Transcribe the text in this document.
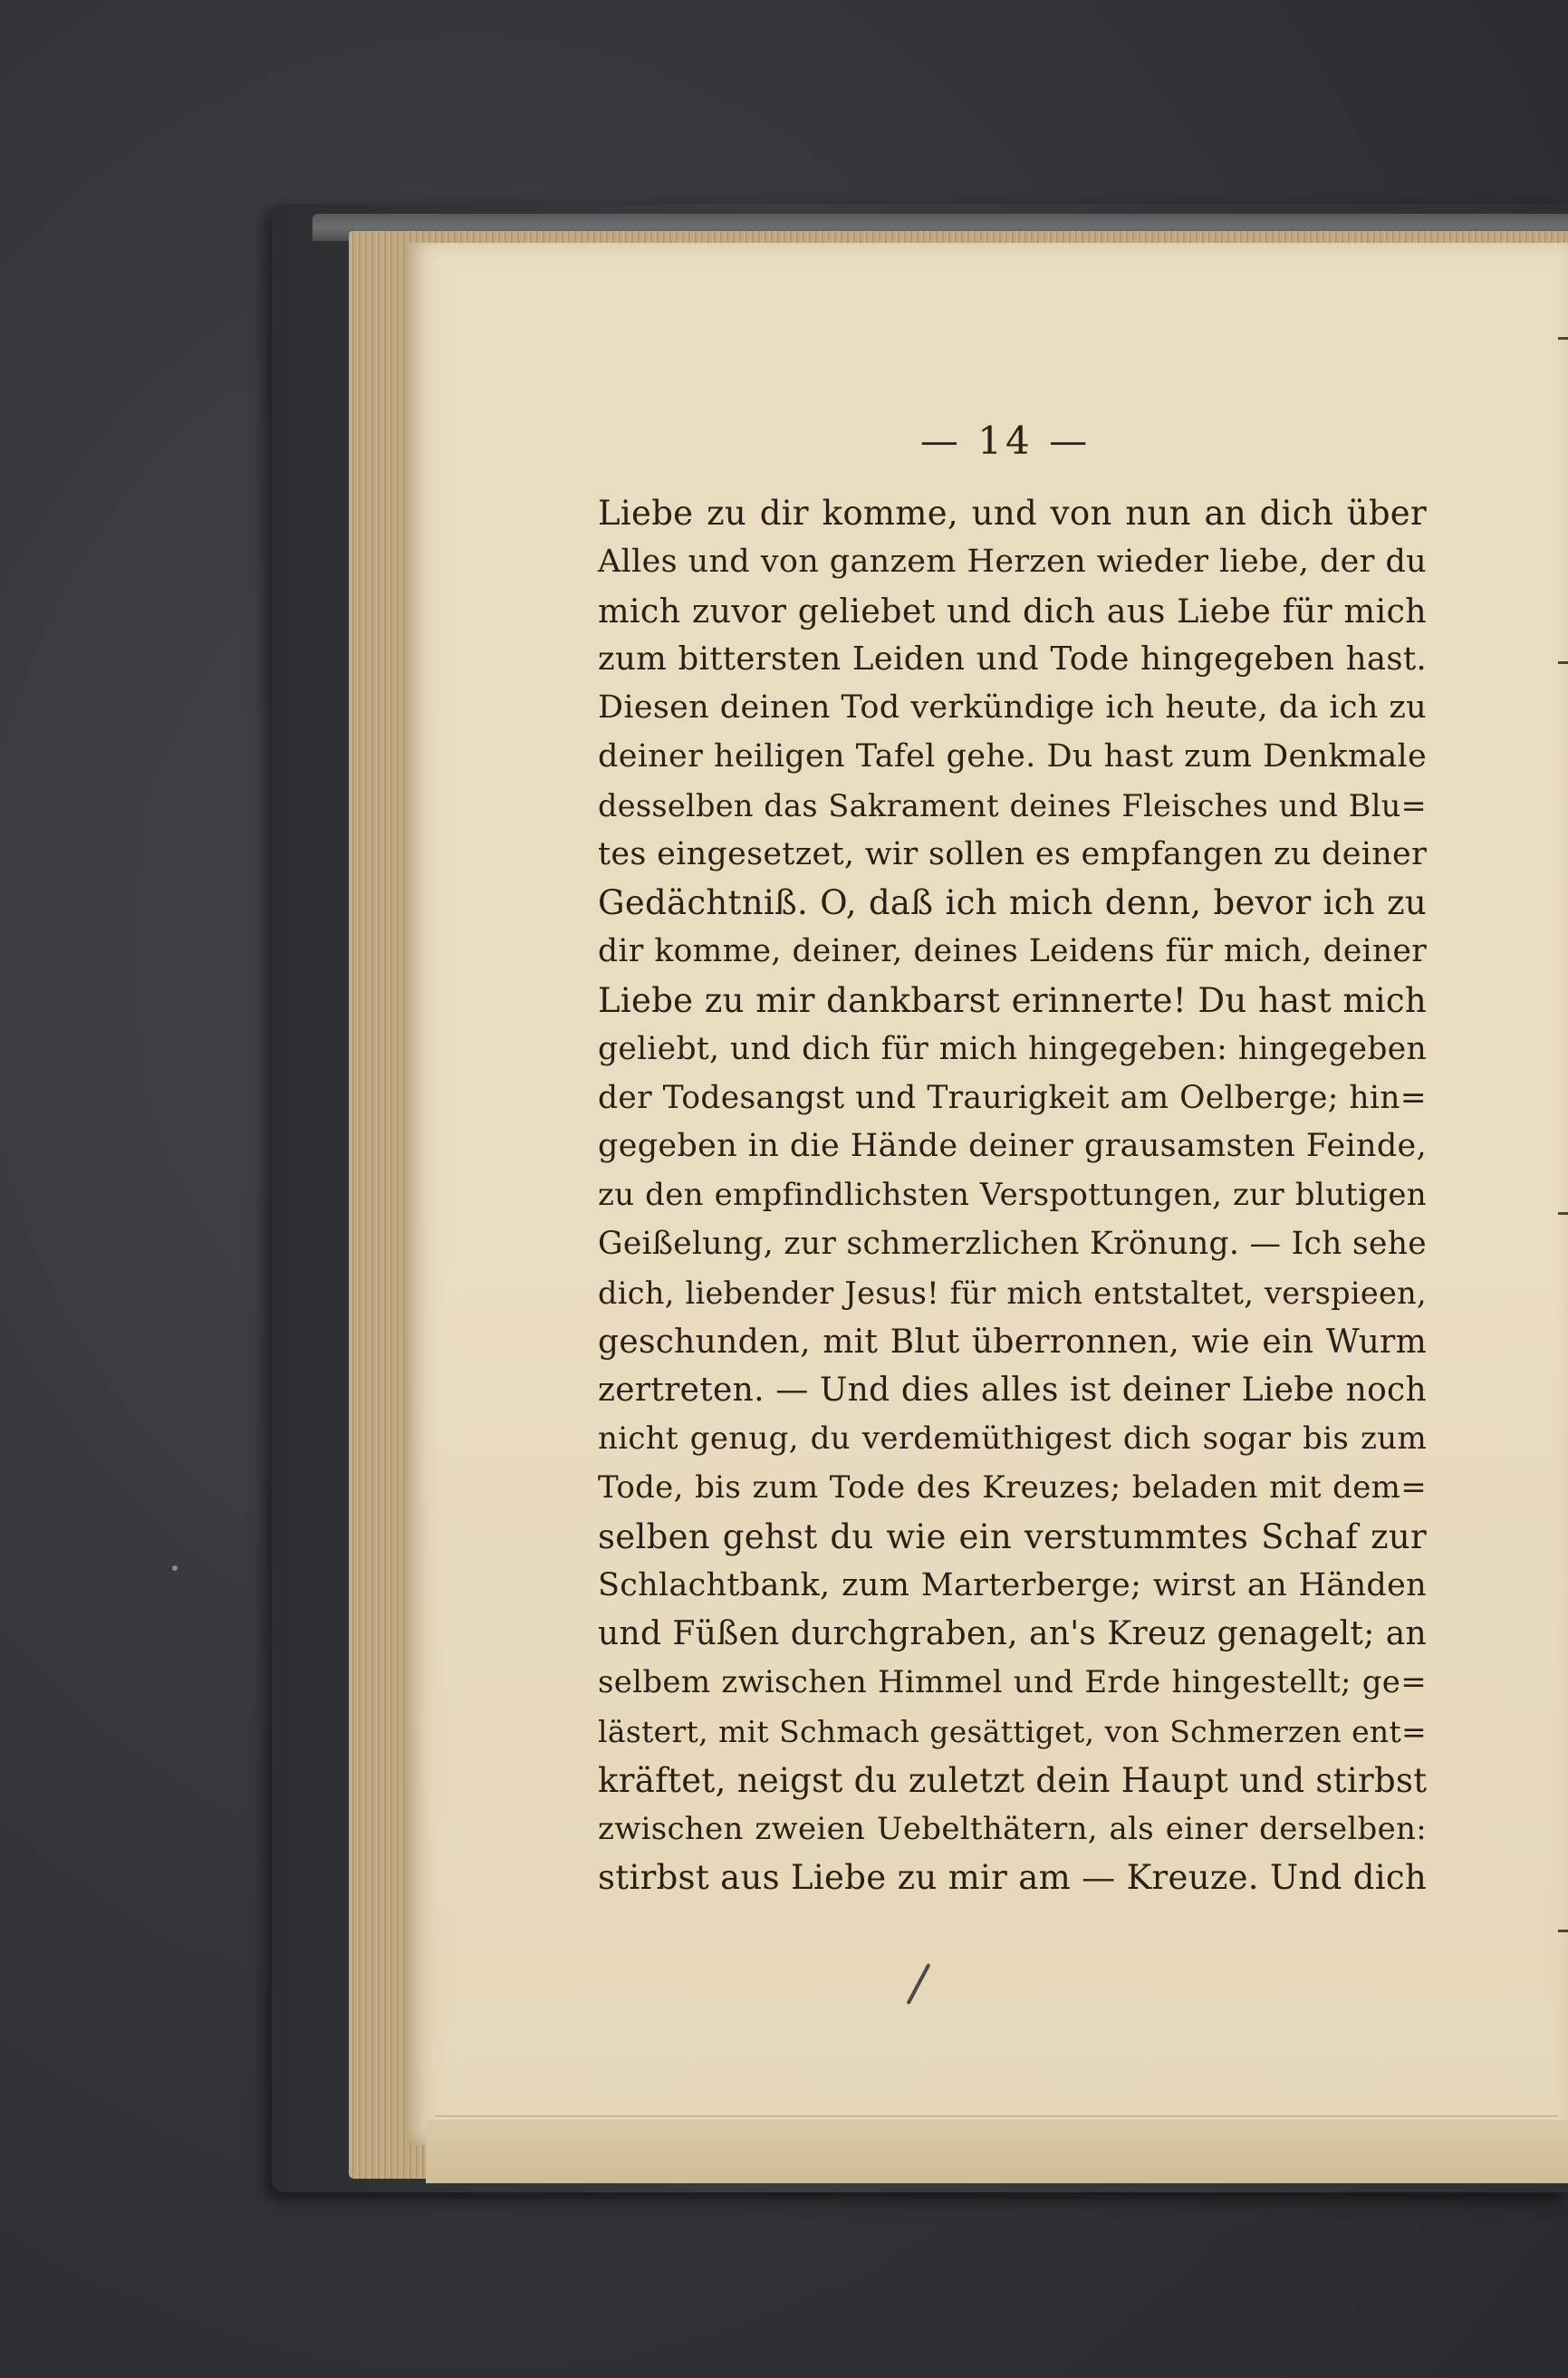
— 14 —
Liebe zu dir komme, und von nun an dich über
Alles und von ganzem Herzen wieder liebe, der du
mich zuvor geliebet und dich aus Liebe für mich
zum bittersten Leiden und Tode hingegeben hast.
Diesen deinen Tod verkündige ich heute, da ich zu
deiner heiligen Tafel gehe. Du hast zum Denkmale
desselben das Sakrament deines Fleisches und Blu=
tes eingesetzet, wir sollen es empfangen zu deiner
Gedächtniß. O, daß ich mich denn, bevor ich zu
dir komme, deiner, deines Leidens für mich, deiner
Liebe zu mir dankbarst erinnerte! Du hast mich
geliebt, und dich für mich hingegeben: hingegeben
der Todesangst und Traurigkeit am Oelberge; hin=
gegeben in die Hände deiner grausamsten Feinde,
zu den empfindlichsten Verspottungen, zur blutigen
Geißelung, zur schmerzlichen Krönung. — Ich sehe
dich, liebender Jesus! für mich entstaltet, verspieen,
geschunden, mit Blut überronnen, wie ein Wurm
zertreten. — Und dies alles ist deiner Liebe noch
nicht genug, du verdemüthigest dich sogar bis zum
Tode, bis zum Tode des Kreuzes; beladen mit dem=
selben gehst du wie ein verstummtes Schaf zur
Schlachtbank, zum Marterberge; wirst an Händen
und Füßen durchgraben, an's Kreuz genagelt; an
selbem zwischen Himmel und Erde hingestellt; ge=
lästert, mit Schmach gesättiget, von Schmerzen ent=
kräftet, neigst du zuletzt dein Haupt und stirbst
zwischen zweien Uebelthätern, als einer derselben:
stirbst aus Liebe zu mir am — Kreuze. Und dich
